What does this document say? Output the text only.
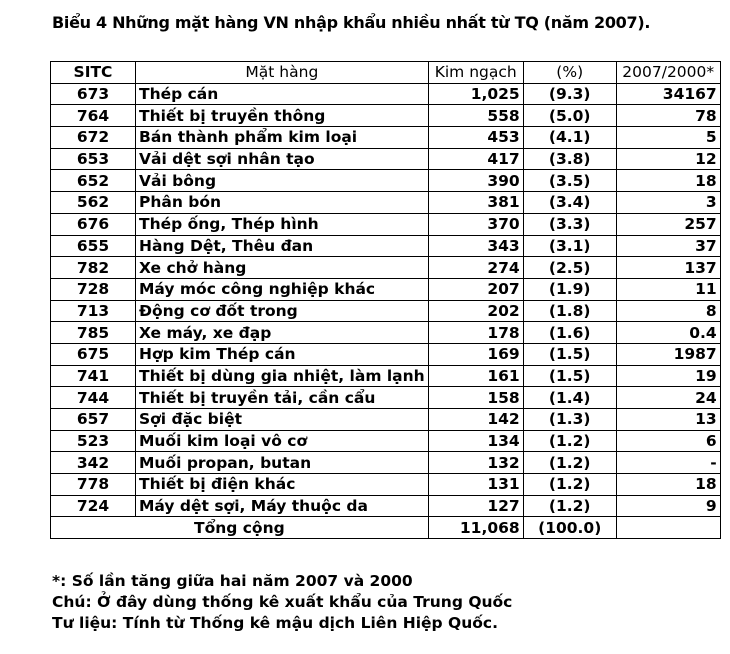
Biểu 4 Những mặt hàng VN nhập khẩu nhiều nhất từ TQ (năm 2007).
SITC	Mặt hàng	Kim ngạch	(%)	2007/2000*
673	Thép cán	1,025	(9.3)	34167
764	Thiết bị truyền thông	558	(5.0)	78
672	Bán thành phẩm kim loại	453	(4.1)	5
653	Vải dệt sợi nhân tạo	417	(3.8)	12
652	Vải bông	390	(3.5)	18
562	Phân bón	381	(3.4)	3
676	Thép ống, Thép hình	370	(3.3)	257
655	Hàng Dệt, Thêu đan	343	(3.1)	37
782	Xe chở hàng	274	(2.5)	137
728	Máy móc công nghiệp khác	207	(1.9)	11
713	Động cơ đốt trong	202	(1.8)	8
785	Xe máy, xe đạp	178	(1.6)	0.4
675	Hợp kim Thép cán	169	(1.5)	1987
741	Thiết bị dùng gia nhiệt, làm lạnh	161	(1.5)	19
744	Thiết bị truyền tải, cần cẩu	158	(1.4)	24
657	Sợi đặc biệt	142	(1.3)	13
523	Muối kim loại vô cơ	134	(1.2)	6
342	Muối propan, butan	132	(1.2)	-
778	Thiết bị điện khác	131	(1.2)	18
724	Máy dệt sợi, Máy thuộc da	127	(1.2)	9
Tổng cộng		11,068	(100.0)	
*: Số lần tăng giữa hai năm 2007 và 2000
Chú: Ở đây dùng thống kê xuất khẩu của Trung Quốc
Tư liệu: Tính từ Thống kê mậu dịch Liên Hiệp Quốc.
